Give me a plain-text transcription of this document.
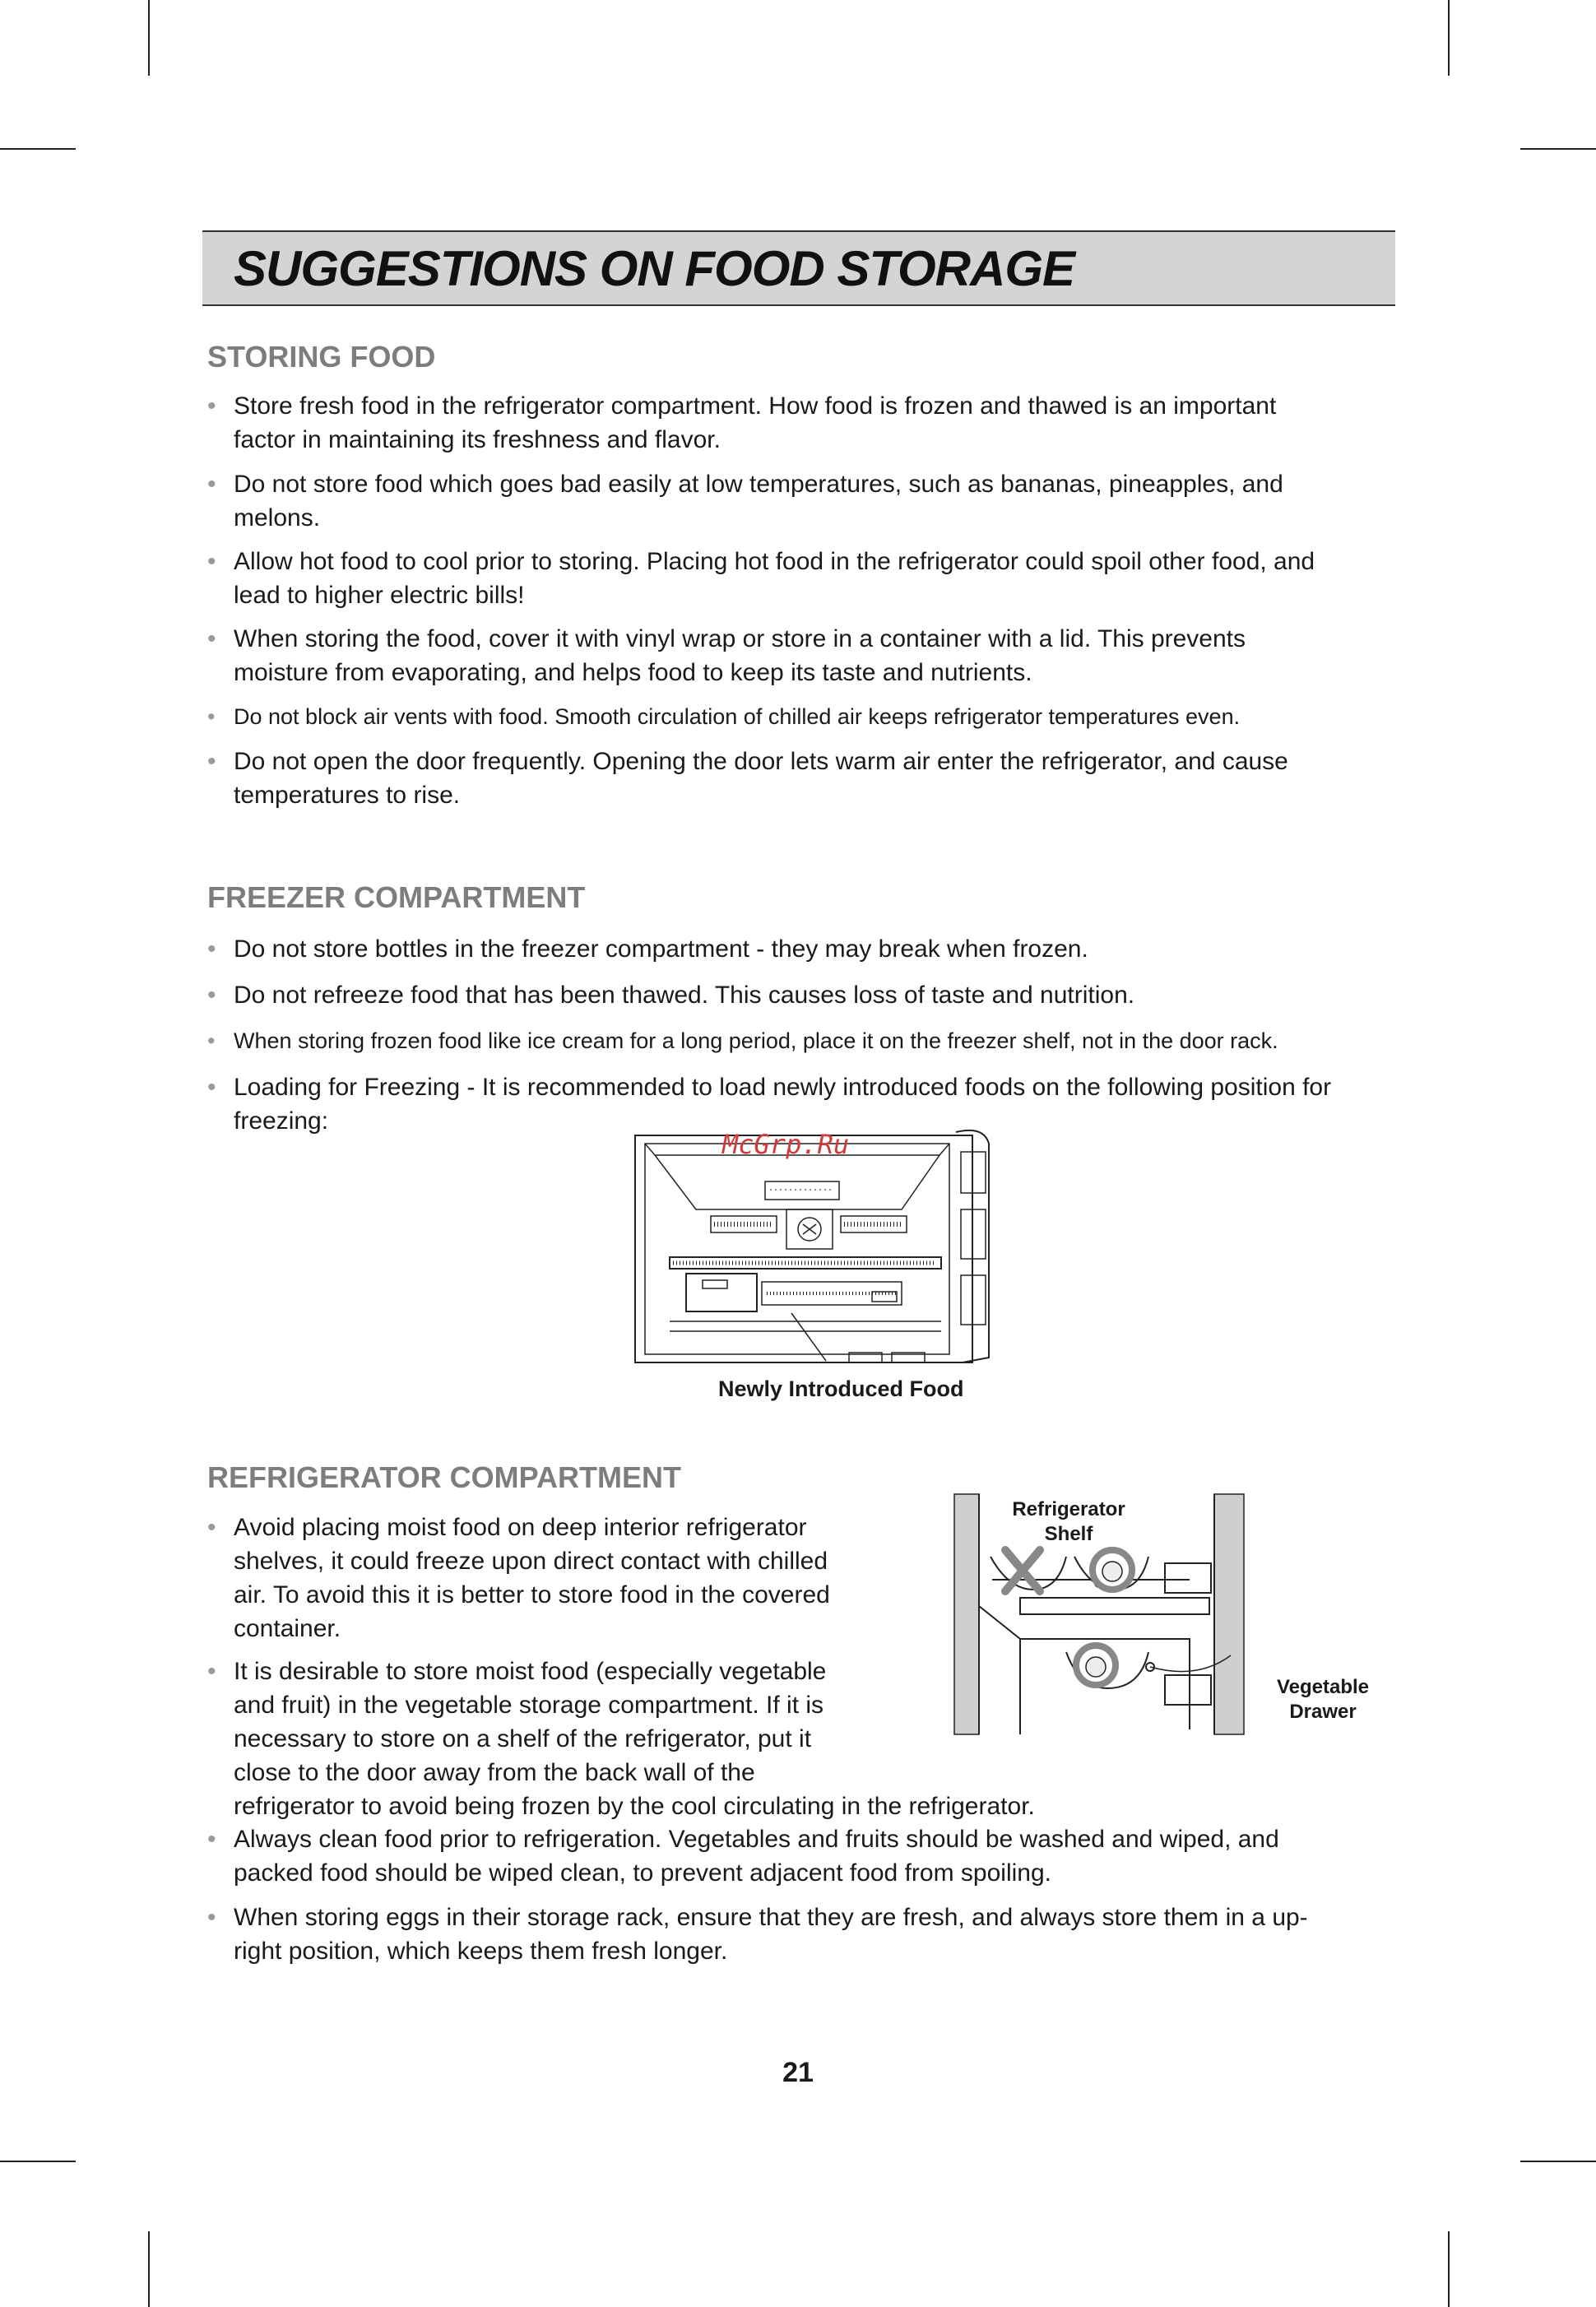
SUGGESTIONS ON FOOD STORAGE
STORING FOOD
• Store fresh food in the refrigerator compartment. How food is frozen and thawed is an important
factor in maintaining its freshness and flavor.
• Do not store food which goes bad easily at low temperatures, such as bananas, pineapples, and
melons.
• Allow hot food to cool prior to storing. Placing hot food in the refrigerator could spoil other food, and
lead to higher electric bills!
• When storing the food, cover it with vinyl wrap or store in a container with a lid. This prevents
moisture from evaporating, and helps food to keep its taste and nutrients.
• Do not block air vents with food. Smooth circulation of chilled air keeps refrigerator temperatures even.
• Do not open the door frequently. Opening the door lets warm air enter the refrigerator, and cause
temperatures to rise.
FREEZER COMPARTMENT
• Do not store bottles in the freezer compartment - they may break when frozen.
• Do not refreeze food that has been thawed. This causes loss of taste and nutrition.
• When storing frozen food like ice cream for a long period, place it on the freezer shelf, not in the door rack.
• Loading for Freezing - It is recommended to load newly introduced foods on the following position for
freezing:
McGrp.Ru

Newly Introduced Food

REFRIGERATOR COMPARTMENT
• Avoid placing moist food on deep interior refrigerator
shelves, it could freeze upon direct contact with chilled
air. To avoid this it is better to store food in the covered
container.
• It is desirable to store moist food (especially vegetable
and fruit) in the vegetable storage compartment. If it is
necessary to store on a shelf of the refrigerator, put it
close to the door away from the back wall of the
refrigerator to avoid being frozen by the cool circulating in the refrigerator.
• Always clean food prior to refrigeration. Vegetables and fruits should be washed and wiped, and
packed food should be wiped clean, to prevent adjacent food from spoiling.
• When storing eggs in their storage rack, ensure that they are fresh, and always store them in a up-
right position, which keeps them fresh longer.

Refrigerator
Shelf

Vegetable
Drawer

21
